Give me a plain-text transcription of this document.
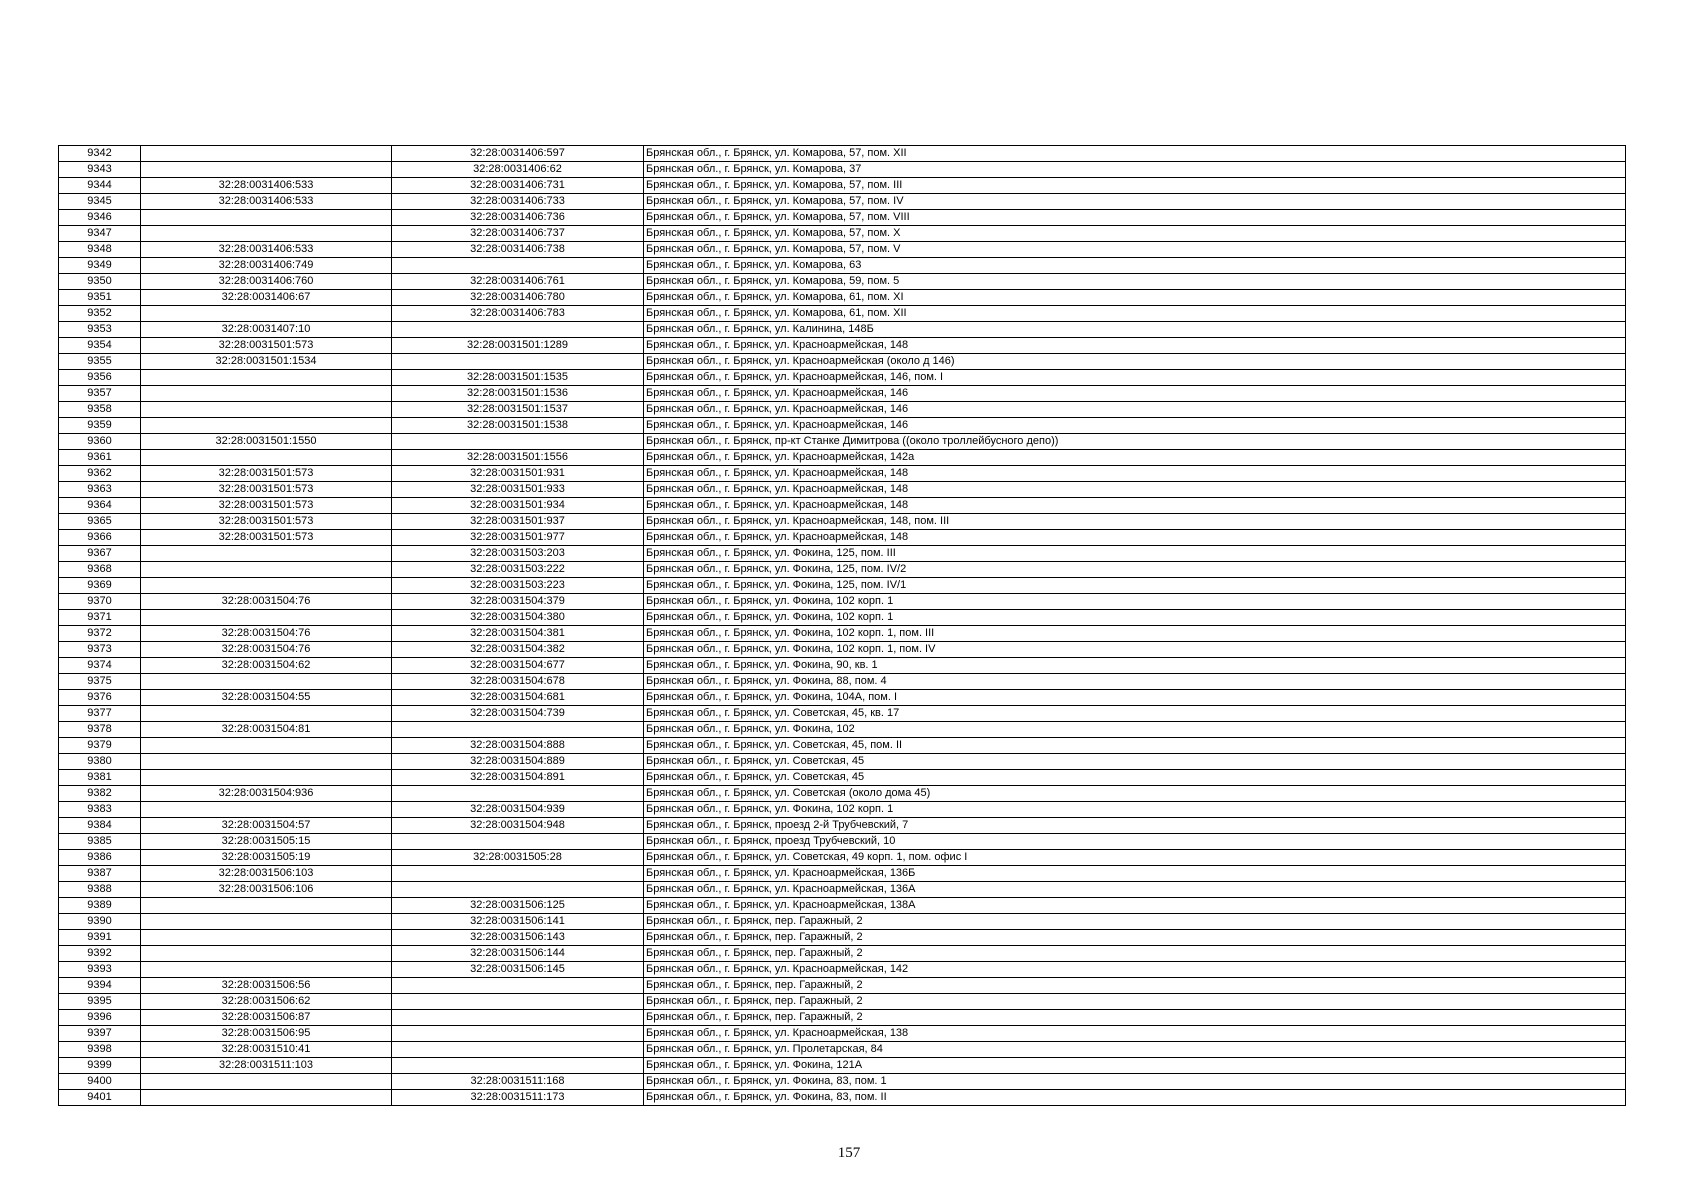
9342		32:28:0031406:597	Брянская обл., г. Брянск, ул. Комарова, 57, пом. XII
9343		32:28:0031406:62	Брянская обл., г. Брянск, ул. Комарова, 37
9344	32:28:0031406:533	32:28:0031406:731	Брянская обл., г. Брянск, ул. Комарова, 57, пом. III
9345	32:28:0031406:533	32:28:0031406:733	Брянская обл., г. Брянск, ул. Комарова, 57, пом. IV
9346		32:28:0031406:736	Брянская обл., г. Брянск, ул. Комарова, 57, пом. VIII
9347		32:28:0031406:737	Брянская обл., г. Брянск, ул. Комарова, 57, пом. X
9348	32:28:0031406:533	32:28:0031406:738	Брянская обл., г. Брянск, ул. Комарова, 57, пом. V
9349	32:28:0031406:749		Брянская обл., г. Брянск, ул. Комарова, 63
9350	32:28:0031406:760	32:28:0031406:761	Брянская обл., г. Брянск, ул. Комарова, 59, пом. 5
9351	32:28:0031406:67	32:28:0031406:780	Брянская обл., г. Брянск, ул. Комарова, 61, пом. XI
9352		32:28:0031406:783	Брянская обл., г. Брянск, ул. Комарова, 61, пом. XII
9353	32:28:0031407:10		Брянская обл., г. Брянск, ул. Калинина, 148Б
9354	32:28:0031501:573	32:28:0031501:1289	Брянская обл., г. Брянск, ул. Красноармейская, 148
9355	32:28:0031501:1534		Брянская обл., г. Брянск, ул. Красноармейская (около д 146)
9356		32:28:0031501:1535	Брянская обл., г. Брянск, ул. Красноармейская, 146, пом. I
9357		32:28:0031501:1536	Брянская обл., г. Брянск, ул. Красноармейская, 146
9358		32:28:0031501:1537	Брянская обл., г. Брянск, ул. Красноармейская, 146
9359		32:28:0031501:1538	Брянская обл., г. Брянск, ул. Красноармейская, 146
9360	32:28:0031501:1550		Брянская обл., г. Брянск, пр-кт Станке Димитрова ((около троллейбусного депо))
9361		32:28:0031501:1556	Брянская обл., г. Брянск, ул. Красноармейская, 142а
9362	32:28:0031501:573	32:28:0031501:931	Брянская обл., г. Брянск, ул. Красноармейская, 148
9363	32:28:0031501:573	32:28:0031501:933	Брянская обл., г. Брянск, ул. Красноармейская, 148
9364	32:28:0031501:573	32:28:0031501:934	Брянская обл., г. Брянск, ул. Красноармейская, 148
9365	32:28:0031501:573	32:28:0031501:937	Брянская обл., г. Брянск, ул. Красноармейская, 148, пом. III
9366	32:28:0031501:573	32:28:0031501:977	Брянская обл., г. Брянск, ул. Красноармейская, 148
9367		32:28:0031503:203	Брянская обл., г. Брянск, ул. Фокина, 125, пом. III
9368		32:28:0031503:222	Брянская обл., г. Брянск, ул. Фокина, 125, пом. IV/2
9369		32:28:0031503:223	Брянская обл., г. Брянск, ул. Фокина, 125, пом. IV/1
9370	32:28:0031504:76	32:28:0031504:379	Брянская обл., г. Брянск, ул. Фокина, 102 корп. 1
9371		32:28:0031504:380	Брянская обл., г. Брянск, ул. Фокина, 102 корп. 1
9372	32:28:0031504:76	32:28:0031504:381	Брянская обл., г. Брянск, ул. Фокина, 102 корп. 1, пом. III
9373	32:28:0031504:76	32:28:0031504:382	Брянская обл., г. Брянск, ул. Фокина, 102 корп. 1, пом. IV
9374	32:28:0031504:62	32:28:0031504:677	Брянская обл., г. Брянск, ул. Фокина, 90, кв. 1
9375		32:28:0031504:678	Брянская обл., г. Брянск, ул. Фокина, 88, пом. 4
9376	32:28:0031504:55	32:28:0031504:681	Брянская обл., г. Брянск, ул. Фокина, 104А, пом. I
9377		32:28:0031504:739	Брянская обл., г. Брянск, ул. Советская, 45, кв. 17
9378	32:28:0031504:81		Брянская обл., г. Брянск, ул. Фокина, 102
9379		32:28:0031504:888	Брянская обл., г. Брянск, ул. Советская, 45, пом. II
9380		32:28:0031504:889	Брянская обл., г. Брянск, ул. Советская, 45
9381		32:28:0031504:891	Брянская обл., г. Брянск, ул. Советская, 45
9382	32:28:0031504:936		Брянская обл., г. Брянск, ул. Советская (около дома 45)
9383		32:28:0031504:939	Брянская обл., г. Брянск, ул. Фокина, 102 корп. 1
9384	32:28:0031504:57	32:28:0031504:948	Брянская обл., г. Брянск, проезд 2-й Трубчевский, 7
9385	32:28:0031505:15		Брянская обл., г. Брянск, проезд Трубчевский, 10
9386	32:28:0031505:19	32:28:0031505:28	Брянская обл., г. Брянск, ул. Советская, 49 корп. 1, пом. офис I
9387	32:28:0031506:103		Брянская обл., г. Брянск, ул. Красноармейская, 136Б
9388	32:28:0031506:106		Брянская обл., г. Брянск, ул. Красноармейская, 136А
9389		32:28:0031506:125	Брянская обл., г. Брянск, ул. Красноармейская, 138А
9390		32:28:0031506:141	Брянская обл., г. Брянск, пер. Гаражный, 2
9391		32:28:0031506:143	Брянская обл., г. Брянск, пер. Гаражный, 2
9392		32:28:0031506:144	Брянская обл., г. Брянск, пер. Гаражный, 2
9393		32:28:0031506:145	Брянская обл., г. Брянск, ул. Красноармейская, 142
9394	32:28:0031506:56		Брянская обл., г. Брянск, пер. Гаражный, 2
9395	32:28:0031506:62		Брянская обл., г. Брянск, пер. Гаражный, 2
9396	32:28:0031506:87		Брянская обл., г. Брянск, пер. Гаражный, 2
9397	32:28:0031506:95		Брянская обл., г. Брянск, ул. Красноармейская, 138
9398	32:28:0031510:41		Брянская обл., г. Брянск, ул. Пролетарская, 84
9399	32:28:0031511:103		Брянская обл., г. Брянск, ул. Фокина, 121А
9400		32:28:0031511:168	Брянская обл., г. Брянск, ул. Фокина, 83, пом. 1
9401		32:28:0031511:173	Брянская обл., г. Брянск, ул. Фокина, 83, пом. II
157
